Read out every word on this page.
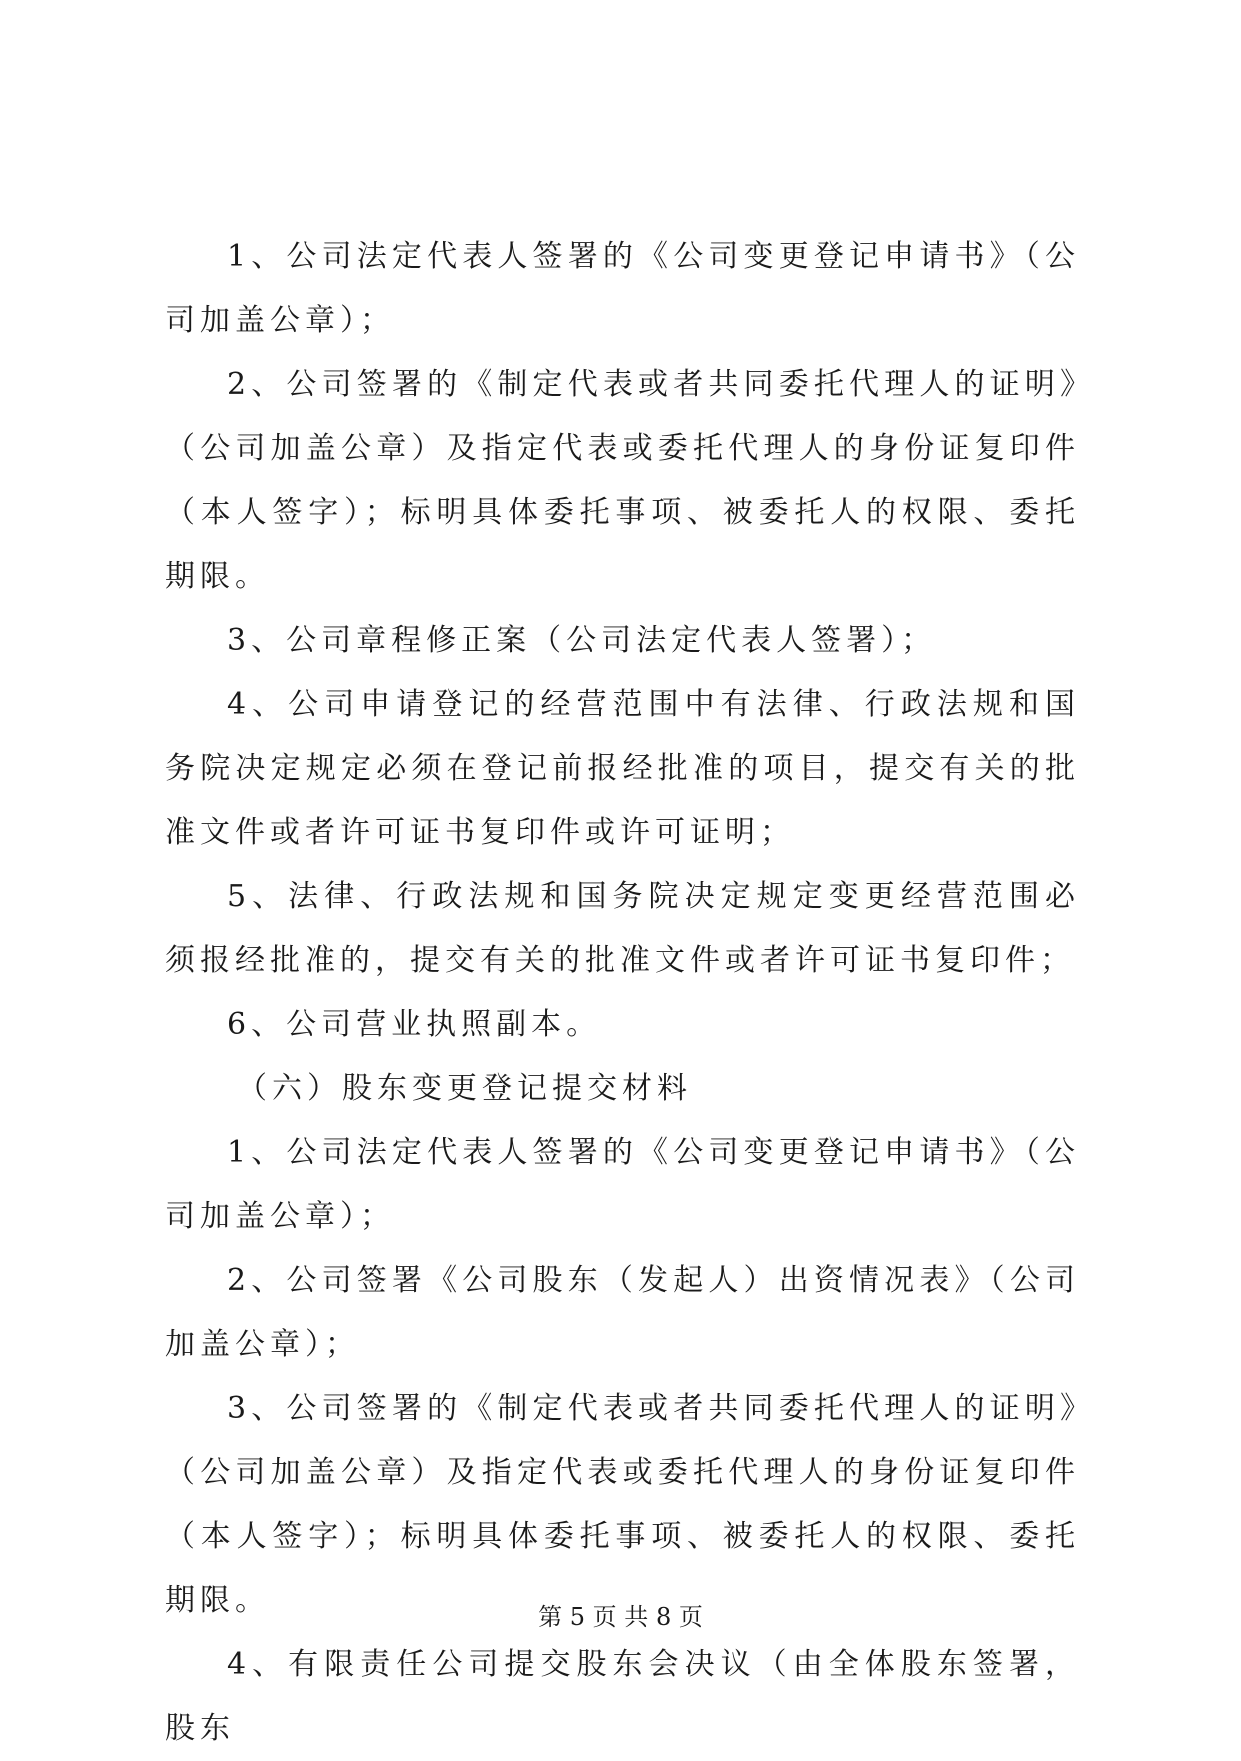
1、公司法定代表人签署的《公司变更登记申请书》（公司加盖公章）；

2、公司签署的《制定代表或者共同委托代理人的证明》（公司加盖公章）及指定代表或委托代理人的身份证复印件（本人签字）；标明具体委托事项、被委托人的权限、委托期限。

3、公司章程修正案（公司法定代表人签署）；

4、公司申请登记的经营范围中有法律、行政法规和国务院决定规定必须在登记前报经批准的项目，提交有关的批准文件或者许可证书复印件或许可证明；

5、法律、行政法规和国务院决定规定变更经营范围必须报经批准的，提交有关的批准文件或者许可证书复印件；

6、公司营业执照副本。

（六）股东变更登记提交材料

1、公司法定代表人签署的《公司变更登记申请书》（公司加盖公章）；

2、公司签署《公司股东（发起人）出资情况表》（公司加盖公章）；

3、公司签署的《制定代表或者共同委托代理人的证明》（公司加盖公章）及指定代表或委托代理人的身份证复印件（本人签字）；标明具体委托事项、被委托人的权限、委托期限。

4、有限责任公司提交股东会决议（由全体股东签署，股东

第 5 页 共 8 页
